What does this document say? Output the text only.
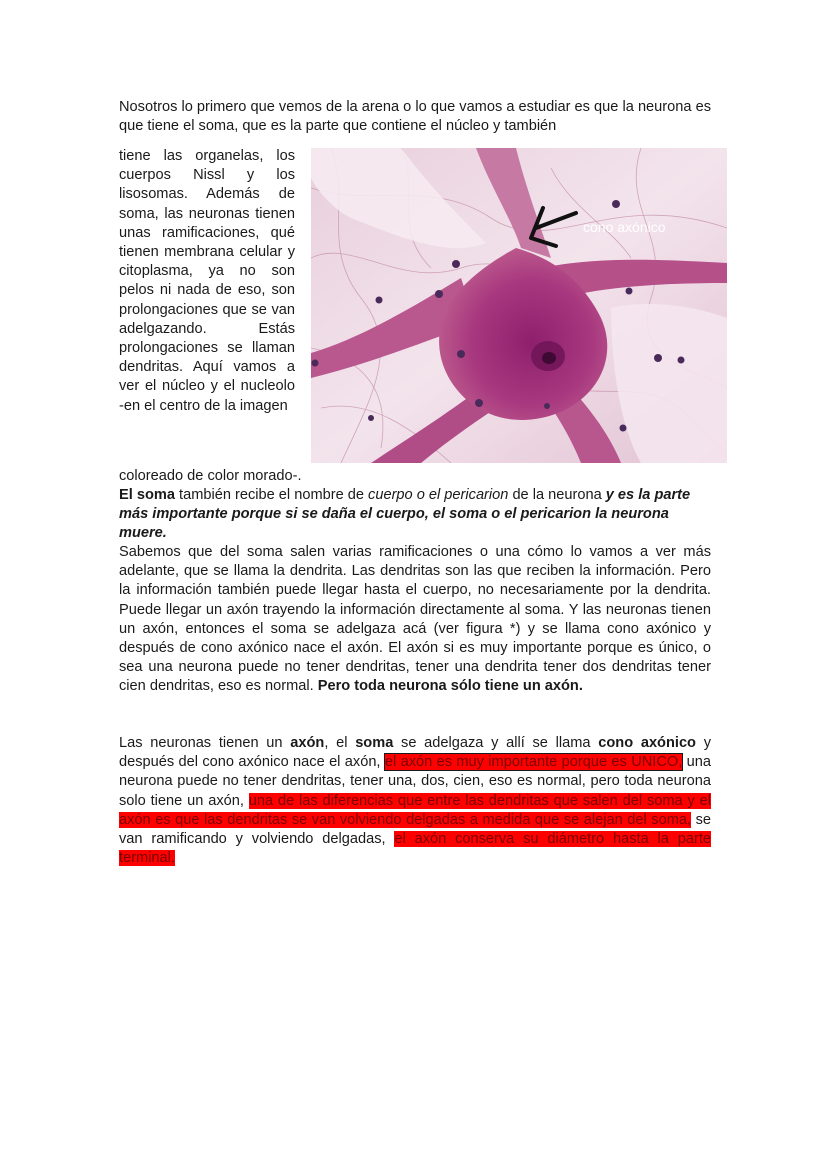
Nosotros lo primero que vemos de la arena o lo que vamos a estudiar es que la neurona es que tiene el soma, que es la parte que contiene el núcleo y también

tiene las organelas, los cuerpos Nissl y los lisosomas. Además de soma, las neuronas tienen unas ramificaciones, qué tienen membrana celular y citoplasma, ya no son pelos ni nada de eso, son prolongaciones que se van adelgazando. Estás prolongaciones se llaman dendritas. Aquí vamos a ver el núcleo y el nucleolo -en el centro de la imagen
cono axónico

coloreado de color morado-.

El soma también recibe el nombre de cuerpo o el pericarion de la neurona y es la parte más importante porque si se daña el cuerpo, el soma o el pericarion la neurona muere.

Sabemos que del soma salen varias ramificaciones o una cómo lo vamos a ver más adelante, que se llama la dendrita. Las dendritas son las que reciben la información. Pero la información también puede llegar hasta el cuerpo, no necesariamente por la dendrita. Puede llegar un axón trayendo la información directamente al soma. Y las neuronas tienen un axón, entonces el soma se adelgaza acá (ver figura *) y se llama cono axónico y después de cono axónico nace el axón. El axón si es muy importante porque es único, o sea una neurona puede no tener dendritas, tener una dendrita tener dos dendritas tener cien dendritas, eso es normal. Pero toda neurona sólo tiene un axón.

Las neuronas tienen un axón, el soma se adelgaza y allí se llama cono axónico y después del cono axónico nace el axón, el axón es muy importante porque es ÚNICO, una neurona puede no tener dendritas, tener una, dos, cien, eso es normal, pero toda neurona solo tiene un axón, una de las diferencias que entre las dendritas que salen del soma y el axón es que las dendritas se van volviendo delgadas a medida que se alejan del soma, se van ramificando y volviendo delgadas, el axón conserva su diámetro hasta la parte terminal.
